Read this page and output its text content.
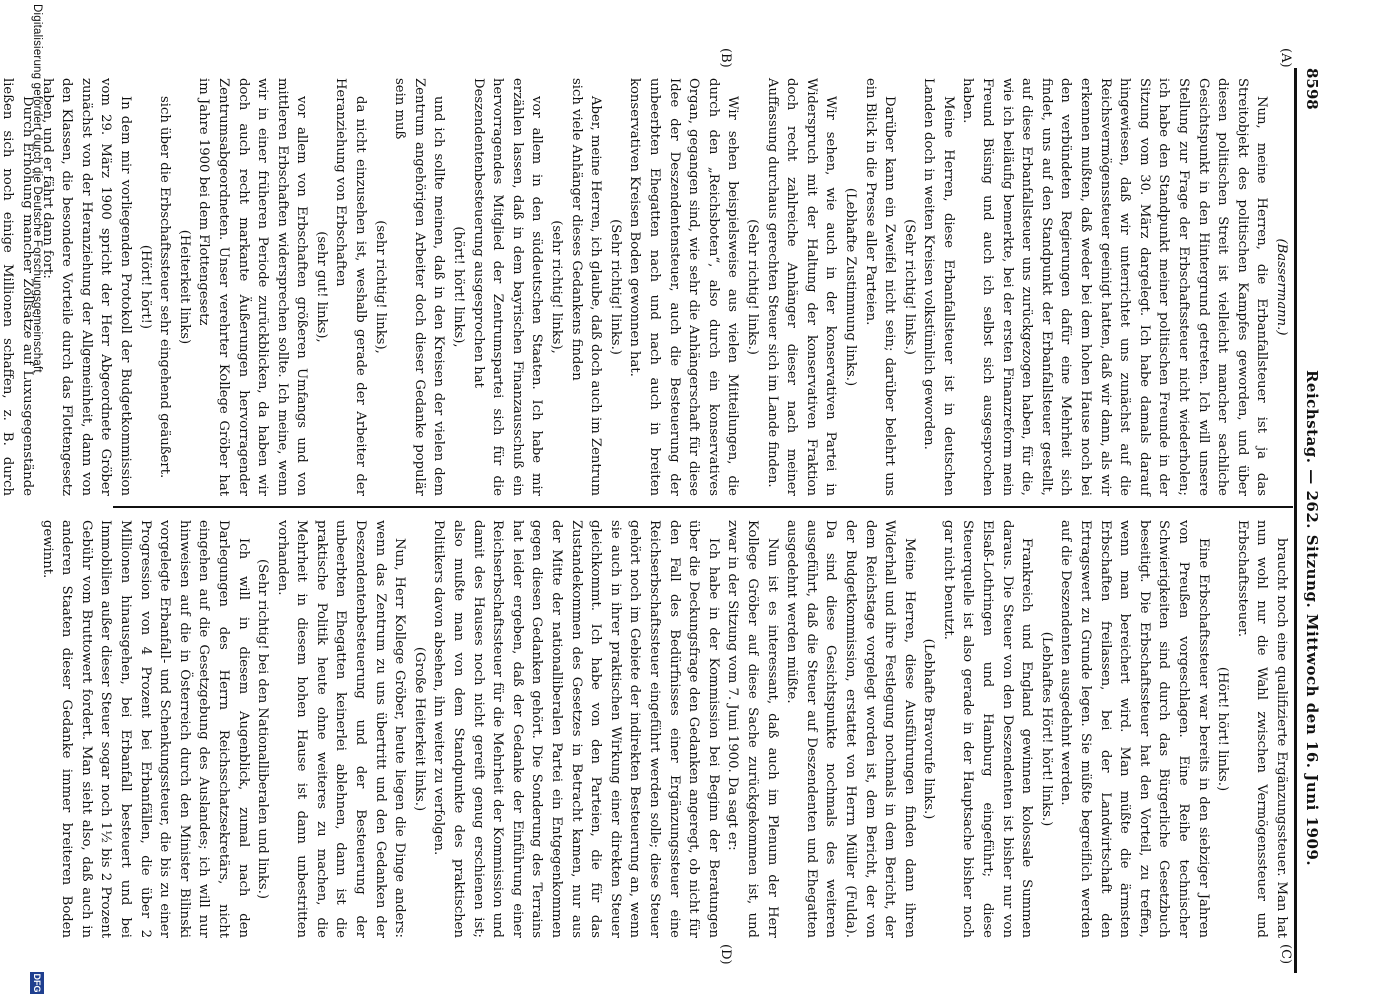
8598
Reichstag. — 262. Sitzung. Mittwoch den 16. Juni 1909.
(A)
(B)
(C)
(D)
(Bassermann.)

Nun, meine Herren, die Erbanfallsteuer ist ja das Streitobjekt des politischen Kampfes geworden, und über diesen politischen Streit ist vielleicht mancher sachliche Gesichtspunkt in den Hintergrund getreten. Ich will unsere Stellung zur Frage der Erbschaftssteuer nicht wiederholen; ich habe den Standpunkt meiner politischen Freunde in der Sitzung vom 30. März dargelegt. Ich habe damals darauf hingewiesen, daß wir unterrichtet uns zunächst auf die Reichsvermögenssteuer geeinigt hatten, daß wir dann, als wir erkennen mußten, daß weder bei dem hohen Hause noch bei den verbündeten Regierungen dafür eine Mehrheit sich findet, uns auf den Standpunkt der Erbanfallsteuer gestellt, auf diese Erbanfallsteuer uns zurückgezogen haben, für die, wie ich beiläufig bemerkte, bei der ersten Finanzreform mein Freund Büsing und auch ich selbst sich ausgesprochen haben.

Meine Herren, diese Erbanfallsteuer ist in deutschen Landen doch in weiten Kreisen volkstümlich geworden.

(Sehr richtig! links.)

Darüber kann ein Zweifel nicht sein; darüber belehrt uns ein Blick in die Presse aller Parteien.

(Lebhafte Zustimmung links.)

Wir sehen, wie auch in der konservativen Partei in Widerspruch mit der Haltung der konservativen Fraktion doch recht zahlreiche Anhänger dieser nach meiner Auffassung durchaus gerechten Steuer sich im Lande finden.

(Sehr richtig! links.)

Wir sehen beispielsweise aus vielen Mitteilungen, die durch den „Reichsboten“, also durch ein konservatives Organ, gegangen sind, wie sehr die Anhängerschaft für diese Idee der Deszendentensteuer, auch die Besteuerung der unbeerbten Ehegatten nach und nach auch in breiten konservativen Kreisen Boden gewonnen hat.

(Sehr richtig! links.)

Aber, meine Herren, ich glaube, daß doch auch im Zentrum sich viele Anhänger dieses Gedankens finden

(sehr richtig! links),

vor allem in den süddeutschen Staaten. Ich habe mir erzählen lassen, daß in dem bayrischen Finanzausschuß ein hervorragendes Mitglied der Zentrumspartei sich für die Deszendentenbesteuerung ausgesprochen hat

(hört! hört! links),

und ich sollte meinen, daß in den Kreisen der vielen dem Zentrum angehörigen Arbeiter doch dieser Gedanke populär sein muß

(sehr richtig! links),

da nicht einzusehen ist, weshalb gerade der Arbeiter der Heranziehung von Erbschaften

(sehr gut! links),

vor allem von Erbschaften größeren Umfangs und von mittleren Erbschaften widersprechen sollte. Ich meine, wenn wir in einer früheren Periode zurückblicken, da haben wir doch auch recht markante Äußerungen hervorragender Zentrumsabgeordneten. Unser verehrter Kollege Gröber hat im Jahre 1900 bei dem Flottengesetz

(Heiterkeit links)

sich über die Erbschaftssteuer sehr eingehend geäußert.

(Hört! hört!)

In dem mir vorliegenden Protokoll der Budgetkommission vom 29. März 1900 spricht der Herr Abgeordnete Gröber zunächst von der Heranziehung der Allgemeinheit, dann von den Klassen, die besondere Vorteile durch das Flottengesetz haben, und er fährt dann fort:

Durch Erhöhung mancher Zollsätze auf Luxusgegenstände ließen sich noch einige Millionen schaffen, z. B. durch

braucht noch eine qualifizierte Ergänzungssteuer. Man hat nun wohl nur die Wahl zwischen Vermögenssteuer und Erbschaftssteuer.

(Hört! hört! links.)

Eine Erbschaftssteuer war bereits in den siebziger Jahren von Preußen vorgeschlagen. Eine Reihe technischer Schwierigkeiten sind durch das Bürgerliche Gesetzbuch beseitigt. Die Erbschaftssteuer hat den Vorteil, zu treffen, wenn man bereichert wird. Man müßte die ärmsten Erbschaften freilassen, bei der Landwirtschaft den Ertragswert zu Grunde legen. Sie müßte begreiflich werden auf die Deszendenten ausgedehnt werden.

(Lebhaftes Hört! hört! links.)

Frankreich und England gewinnen kolossale Summen daraus. Die Steuer von den Deszendenten ist bisher nur von Elsaß-Lothringen und Hamburg eingeführt; diese Steuerquelle ist also gerade in der Hauptsache bisher noch gar nicht benutzt.

(Lebhafte Bravorufe links.)

Meine Herren, diese Ausführungen finden dann ihren Widerhall und ihre Festlegung nochmals in dem Bericht, der dem Reichstage vorgelegt worden ist, dem Bericht, der von der Budgetkommission, erstattet von Herrn Müller (Fulda). Da sind diese Gesichtspunkte nochmals des weiteren ausgeführt, daß die Steuer auf Deszendenten und Ehegatten ausgedehnt werden müßte.

Nun ist es interessant, daß auch im Plenum der Herr Kollege Gröber auf diese Sache zurückgekommen ist, und zwar in der Sitzung vom 7. Juni 1900. Da sagt er:

Ich habe in der Kommission bei Beginn der Beratungen über die Deckungsfrage den Gedanken angeregt, ob nicht für den Fall des Bedürfnisses einer Ergänzungssteuer eine Reichserbschaftssteuer eingeführt werden solle; diese Steuer gehört noch im Gebiete der indirekten Besteuerung an, wenn sie auch in ihrer praktischen Wirkung einer direkten Steuer gleichkommt. Ich habe von den Parteien, die für das Zustandekommen des Gesetzes in Betracht kamen, nur aus der Mitte der nationalliberalen Partei ein Entgegenkommen gegen diesen Gedanken gehört. Die Sonderung des Terrains hat leider ergeben, daß der Gedanke der Einführung einer Reichserbschaftssteuer für die Mehrheit der Kommission und damit des Hauses noch nicht gereift genug erschienen ist; also mußte man von dem Standpunkte des praktischen Politikers davon absehen, ihn weiter zu verfolgen.

(Große Heiterkeit links.)

Nun, Herr Kollege Gröber, heute liegen die Dinge anders: wenn das Zentrum zu uns übertritt und den Gedanken der Deszendentenbesteuerung und der Besteuerung der unbeerbten Ehegatten keinerlei ablehnen, dann ist die praktische Politik heute ohne weiteres zu machen, die Mehrheit in diesem hohen Hause ist dann unbestritten vorhanden.

(Sehr richtig! bei den Nationalliberalen und links.)

Ich will in diesem Augenblick, zumal nach den Darlegungen des Herrn Reichsschatzsekretärs, nicht eingehen auf die Gesetzgebung des Auslandes; ich will nur hinweisen auf die in Österreich durch den Minister Bilinski vorgelegte Erbanfall- und Schenkungssteuer, die bis zu einer Progression von 4 Prozent bei Erbanfällen, die über 2 Millionen hinausgehen, bei Erbanfall besteuert und bei Immobilien außer dieser Steuer sogar noch 1½ bis 2 Prozent Gebühr vom Bruttowert fordert. Man sieht also, daß auch in anderen Staaten dieser Gedanke immer breiteren Boden gewinnt.

Digitalisierung gefördert durch die Deutsche Forschungsgemeinschaft
DFG
